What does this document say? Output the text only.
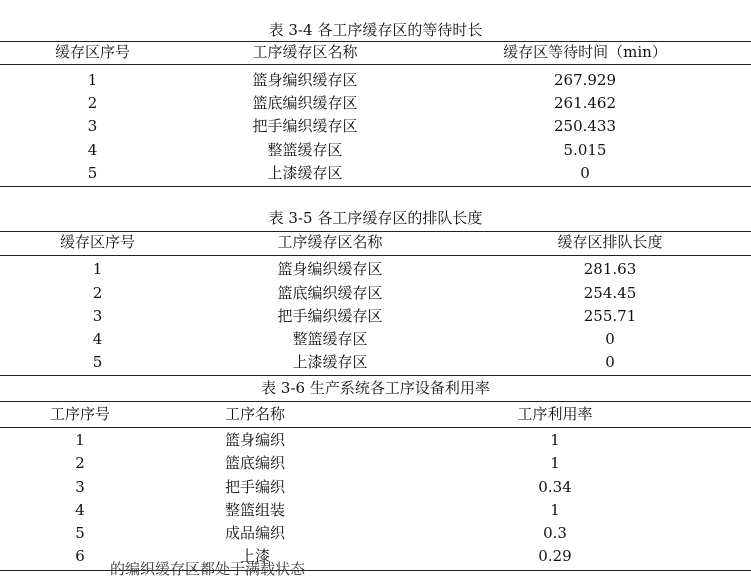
表 3-4 各工序缓存区的等待时长
缓存区序号	工序缓存区名称	缓存区等待时间（min）
1	篮身编织缓存区	267.929
2	篮底编织缓存区	261.462
3	把手编织缓存区	250.433
4	整篮缓存区	5.015
5	上漆缓存区	0
表 3-5 各工序缓存区的排队长度
缓存区序号	工序缓存区名称	缓存区排队长度
1	篮身编织缓存区	281.63
2	篮底编织缓存区	254.45
3	把手编织缓存区	255.71
4	整篮缓存区	0
5	上漆缓存区	0
表 3-6 生产系统各工序设备利用率
工序序号	工序名称	工序利用率
1	篮身编织	1
2	篮底编织	1
3	把手编织	0.34
4	整篮组装	1
5	成品编织	0.3
6	上漆	0.29
的编织缓存区都处于满载状态
